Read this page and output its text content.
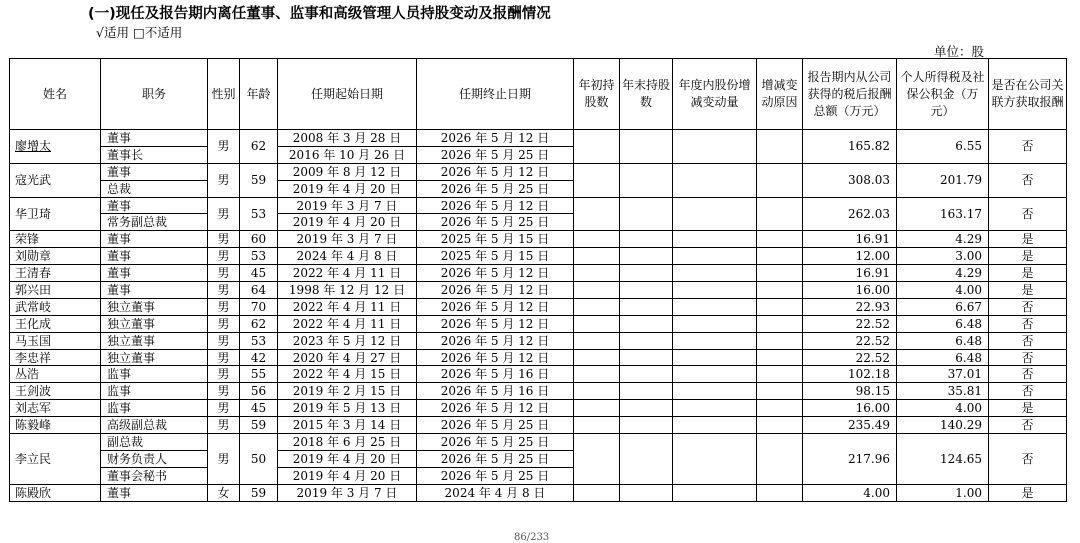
(一)现任及报告期内离任董事、监事和高级管理人员持股变动及报酬情况
√适用 □不适用
单位：股
姓名	职务	性别	年龄	任期起始日期	任期终止日期	年初持股数	年末持股数	年度内股份增减变动量	增减变动原因	报告期内从公司获得的税后报酬总额（万元）	个人所得税及社保公积金（万元）	是否在公司关联方获取报酬
廖增太	董事	男	62	2008 年 3 月 28 日	2026 年 5 月 12 日					165.82	6.55	否
	董事长			2016 年 10 月 26 日	2026 年 5 月 25 日							
寇光武	董事	男	59	2009 年 8 月 12 日	2026 年 5 月 12 日					308.03	201.79	否
	总裁			2019 年 4 月 20 日	2026 年 5 月 25 日							
华卫琦	董事	男	53	2019 年 3 月 7 日	2026 年 5 月 12 日					262.03	163.17	否
	常务副总裁			2019 年 4 月 20 日	2026 年 5 月 25 日							
荣锋	董事	男	60	2019 年 3 月 7 日	2025 年 5 月 15 日					16.91	4.29	是
刘勋章	董事	男	53	2024 年 4 月 8 日	2025 年 5 月 15 日					12.00	3.00	是
王清春	董事	男	45	2022 年 4 月 11 日	2026 年 5 月 12 日					16.91	4.29	是
郭兴田	董事	男	64	1998 年 12 月 12 日	2026 年 5 月 12 日					16.00	4.00	是
武常岐	独立董事	男	70	2022 年 4 月 11 日	2026 年 5 月 12 日					22.93	6.67	否
王化成	独立董事	男	62	2022 年 4 月 11 日	2026 年 5 月 12 日					22.52	6.48	否
马玉国	独立董事	男	53	2023 年 5 月 12 日	2026 年 5 月 12 日					22.52	6.48	否
李忠祥	独立董事	男	42	2020 年 4 月 27 日	2026 年 5 月 12 日					22.52	6.48	否
丛浩	监事	男	55	2022 年 4 月 15 日	2026 年 5 月 16 日					102.18	37.01	否
王剑波	监事	男	56	2019 年 2 月 15 日	2026 年 5 月 16 日					98.15	35.81	否
刘志军	监事	男	45	2019 年 5 月 13 日	2026 年 5 月 12 日					16.00	4.00	是
陈毅峰	高级副总裁	男	59	2015 年 3 月 14 日	2026 年 5 月 25 日					235.49	140.29	否
李立民	副总裁	男	50	2018 年 6 月 25 日	2026 年 5 月 25 日					217.96	124.65	否
	财务负责人			2019 年 4 月 20 日	2026 年 5 月 25 日							
	董事会秘书			2019 年 4 月 20 日	2026 年 5 月 25 日							
陈殿欣	董事	女	59	2019 年 3 月 7 日	2024 年 4 月 8 日					4.00	1.00	是
86/233
